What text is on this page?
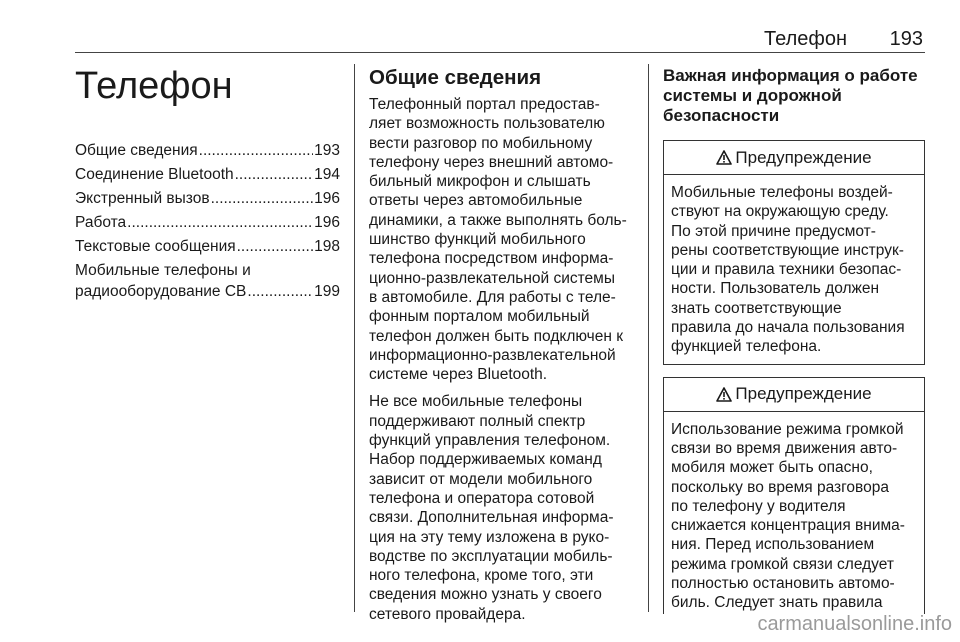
Телефон 193
Телефон
Общие сведения .....	193
Соединение Bluetooth .....	194
Экстренный вызов .....	196
Работа .....	196
Текстовые сообщения .....	198
Мобильные телефоны и
радиооборудование CB .....	199
Общие сведения

Телефонный портал предостав-
ляет возможность пользователю
вести разговор по мобильному
телефону через внешний автомо-
бильный микрофон и слышать
ответы через автомобильные
динамики, а также выполнять боль-
шинство функций мобильного
телефона посредством информа-
ционно-развлекательной системы
в автомобиле. Для работы с теле-
фонным порталом мобильный
телефон должен быть подключен к
информационно-развлекательной
системе через Bluetooth.

Не все мобильные телефоны
поддерживают полный спектр
функций управления телефоном.
Набор поддерживаемых команд
зависит от модели мобильного
телефона и оператора сотовой
связи. Дополнительная информа-
ция на эту тему изложена в руко-
водстве по эксплуатации мобиль-
ного телефона, кроме того, эти
сведения можно узнать у своего
сетевого провайдера.

Важная информация о работе
системы и дорожной
безопасности
Предупреждение
Мобильные телефоны воздей-
ствуют на окружающую среду.
По этой причине предусмот-
рены соответствующие инструк-
ции и правила техники безопас-
ности. Пользователь должен
знать соответствующие
правила до начала пользования
функцией телефона.
Предупреждение
Использование режима громкой
связи во время движения авто-
мобиля может быть опасно,
поскольку во время разговора
по телефону у водителя
снижается концентрация внима-
ния. Перед использованием
режима громкой связи следует
полностью остановить автомо-
биль. Следует знать правила
carmanualsonline.info
